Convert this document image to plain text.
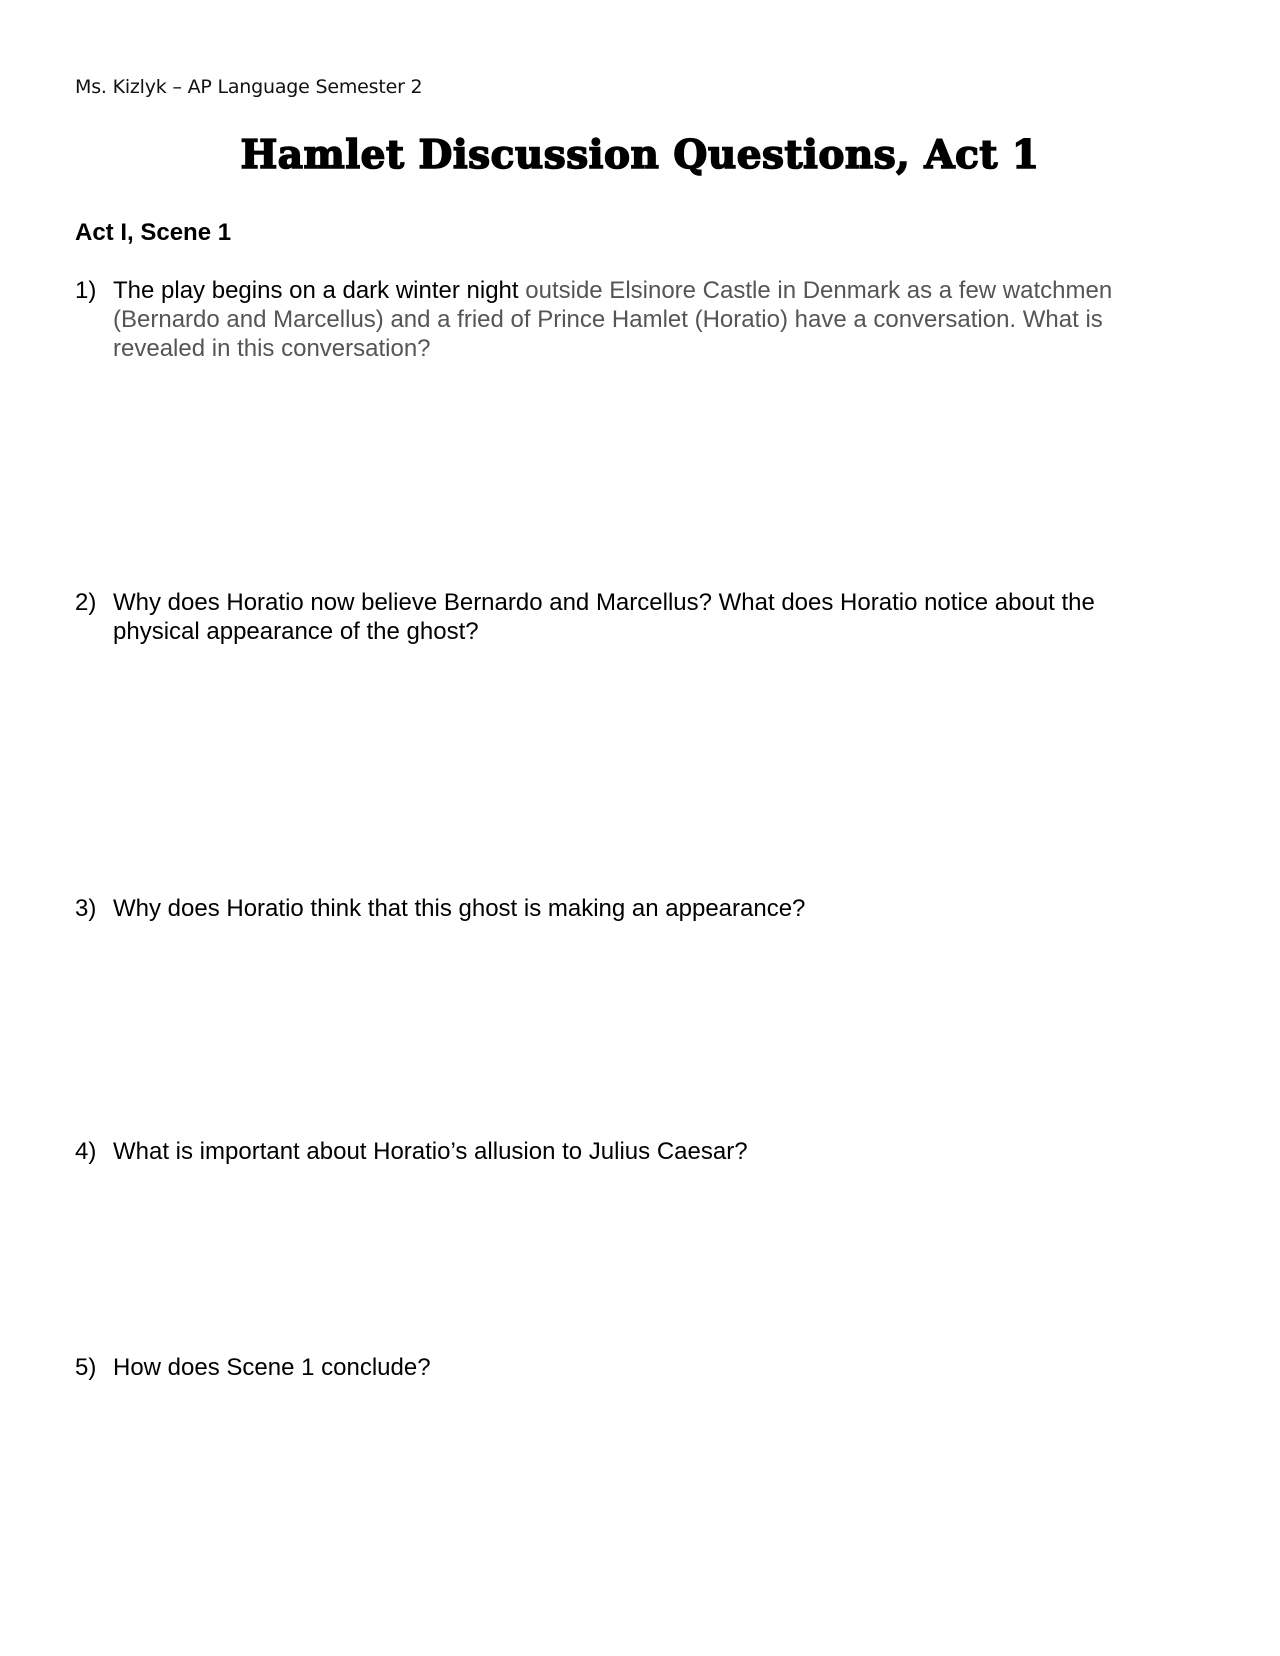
Ms. Kizlyk – AP Language Semester 2
Hamlet Discussion Questions, Act 1
Act I, Scene 1
1) The play begins on a dark winter night outside Elsinore Castle in Denmark as a few watchmen (Bernardo and Marcellus) and a fried of Prince Hamlet (Horatio) have a conversation. What is revealed in this conversation?
2) Why does Horatio now believe Bernardo and Marcellus? What does Horatio notice about the physical appearance of the ghost?
3) Why does Horatio think that this ghost is making an appearance?
4) What is important about Horatio’s allusion to Julius Caesar?
5) How does Scene 1 conclude?
